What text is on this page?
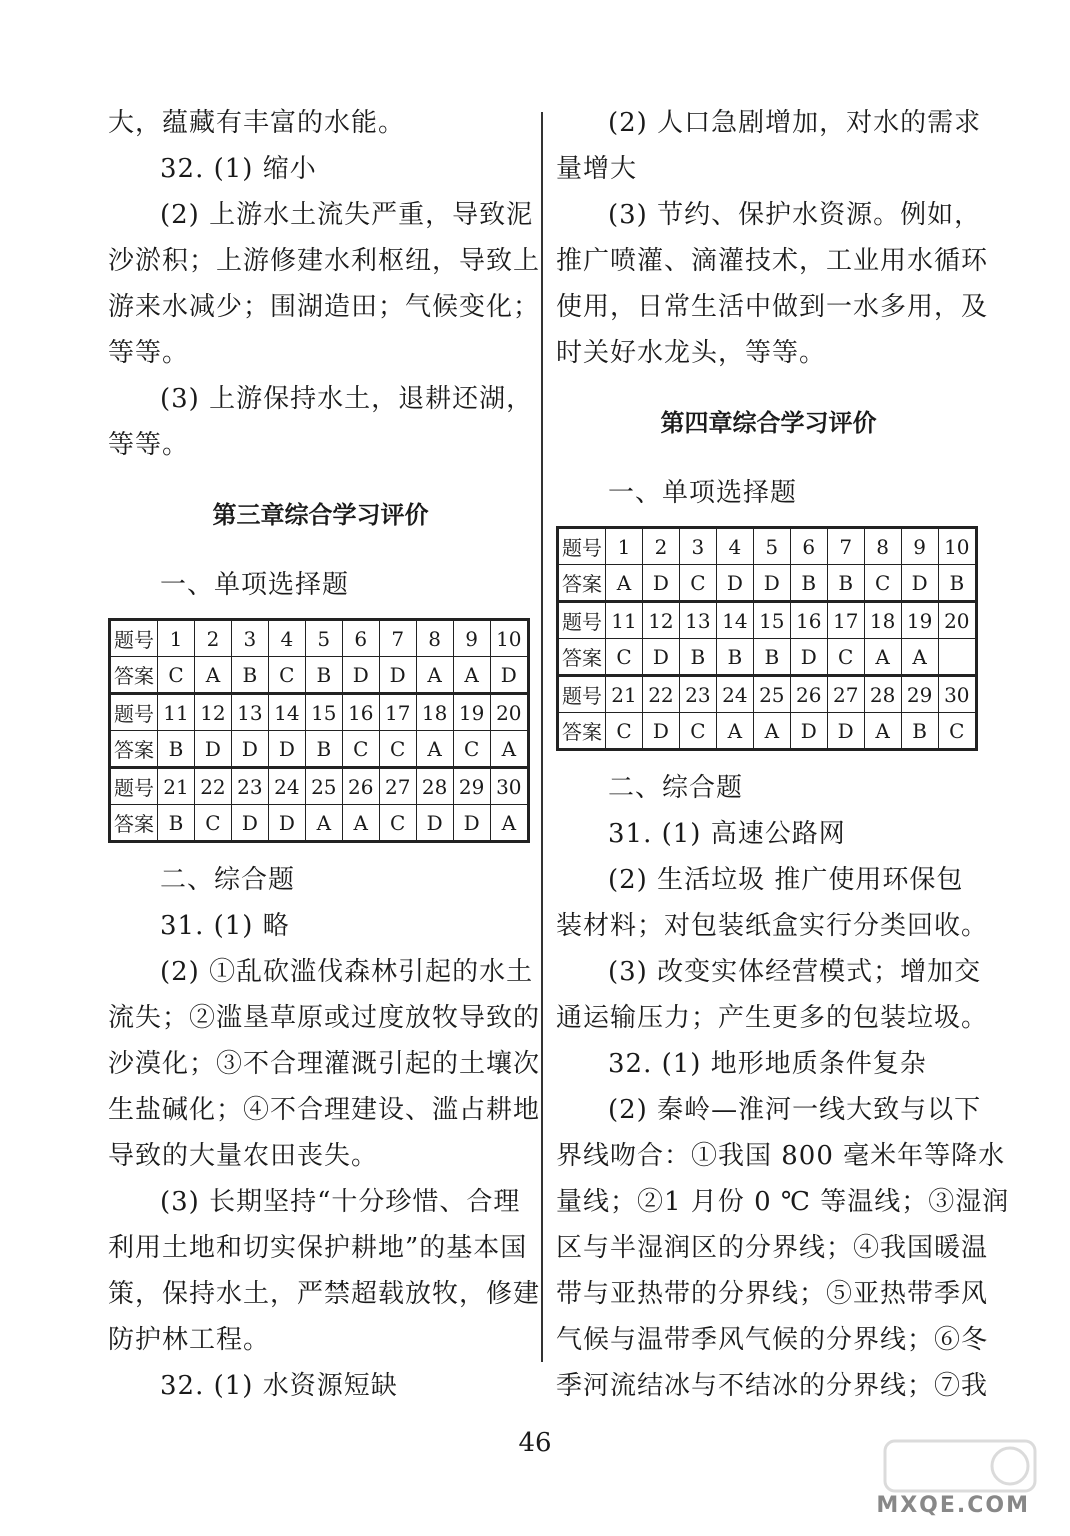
大，蕴藏有丰富的水能。
32. (1) 缩小
(2) 上游水土流失严重，导致泥
沙淤积；上游修建水利枢纽，导致上
游来水减少；围湖造田；气候变化；
等等。
(3) 上游保持水土，退耕还湖，
等等。
第三章综合学习评价
一、单项选择题
题号	1	2	3	4	5	6	7	8	9	10
答案	C	A	B	C	B	D	D	A	A	D
题号	11	12	13	14	15	16	17	18	19	20
答案	B	D	D	D	B	C	C	A	C	A
题号	21	22	23	24	25	26	27	28	29	30
答案	B	C	D	D	A	A	C	D	D	A
二、综合题
31. (1) 略
(2) ①乱砍滥伐森林引起的水土
流失；②滥垦草原或过度放牧导致的
沙漠化；③不合理灌溉引起的土壤次
生盐碱化；④不合理建设、滥占耕地
导致的大量农田丧失。
(3) 长期坚持“十分珍惜、合理
利用土地和切实保护耕地”的基本国
策，保持水土，严禁超载放牧，修建
防护林工程。
32. (1) 水资源短缺
(2) 人口急剧增加，对水的需求
量增大
(3) 节约、保护水资源。例如，
推广喷灌、滴灌技术，工业用水循环
使用，日常生活中做到一水多用，及
时关好水龙头，等等。
第四章综合学习评价
一、单项选择题
题号	1	2	3	4	5	6	7	8	9	10
答案	A	D	C	D	D	B	B	C	D	B
题号	11	12	13	14	15	16	17	18	19	20
答案	C	D	B	B	B	D	C	A	A	
题号	21	22	23	24	25	26	27	28	29	30
答案	C	D	C	A	A	D	D	A	B	C
二、综合题
31. (1) 高速公路网
(2) 生活垃圾 推广使用环保包
装材料；对包装纸盒实行分类回收。
(3) 改变实体经营模式；增加交
通运输压力；产生更多的包装垃圾。
32. (1) 地形地质条件复杂
(2) 秦岭—淮河一线大致与以下
界线吻合：①我国 800 毫米年等降水
量线；②1 月份 0 ℃ 等温线；③湿润
区与半湿润区的分界线；④我国暖温
带与亚热带的分界线；⑤亚热带季风
气候与温带季风气候的分界线；⑥冬
季河流结冰与不结冰的分界线；⑦我
46
MXQE.COM
